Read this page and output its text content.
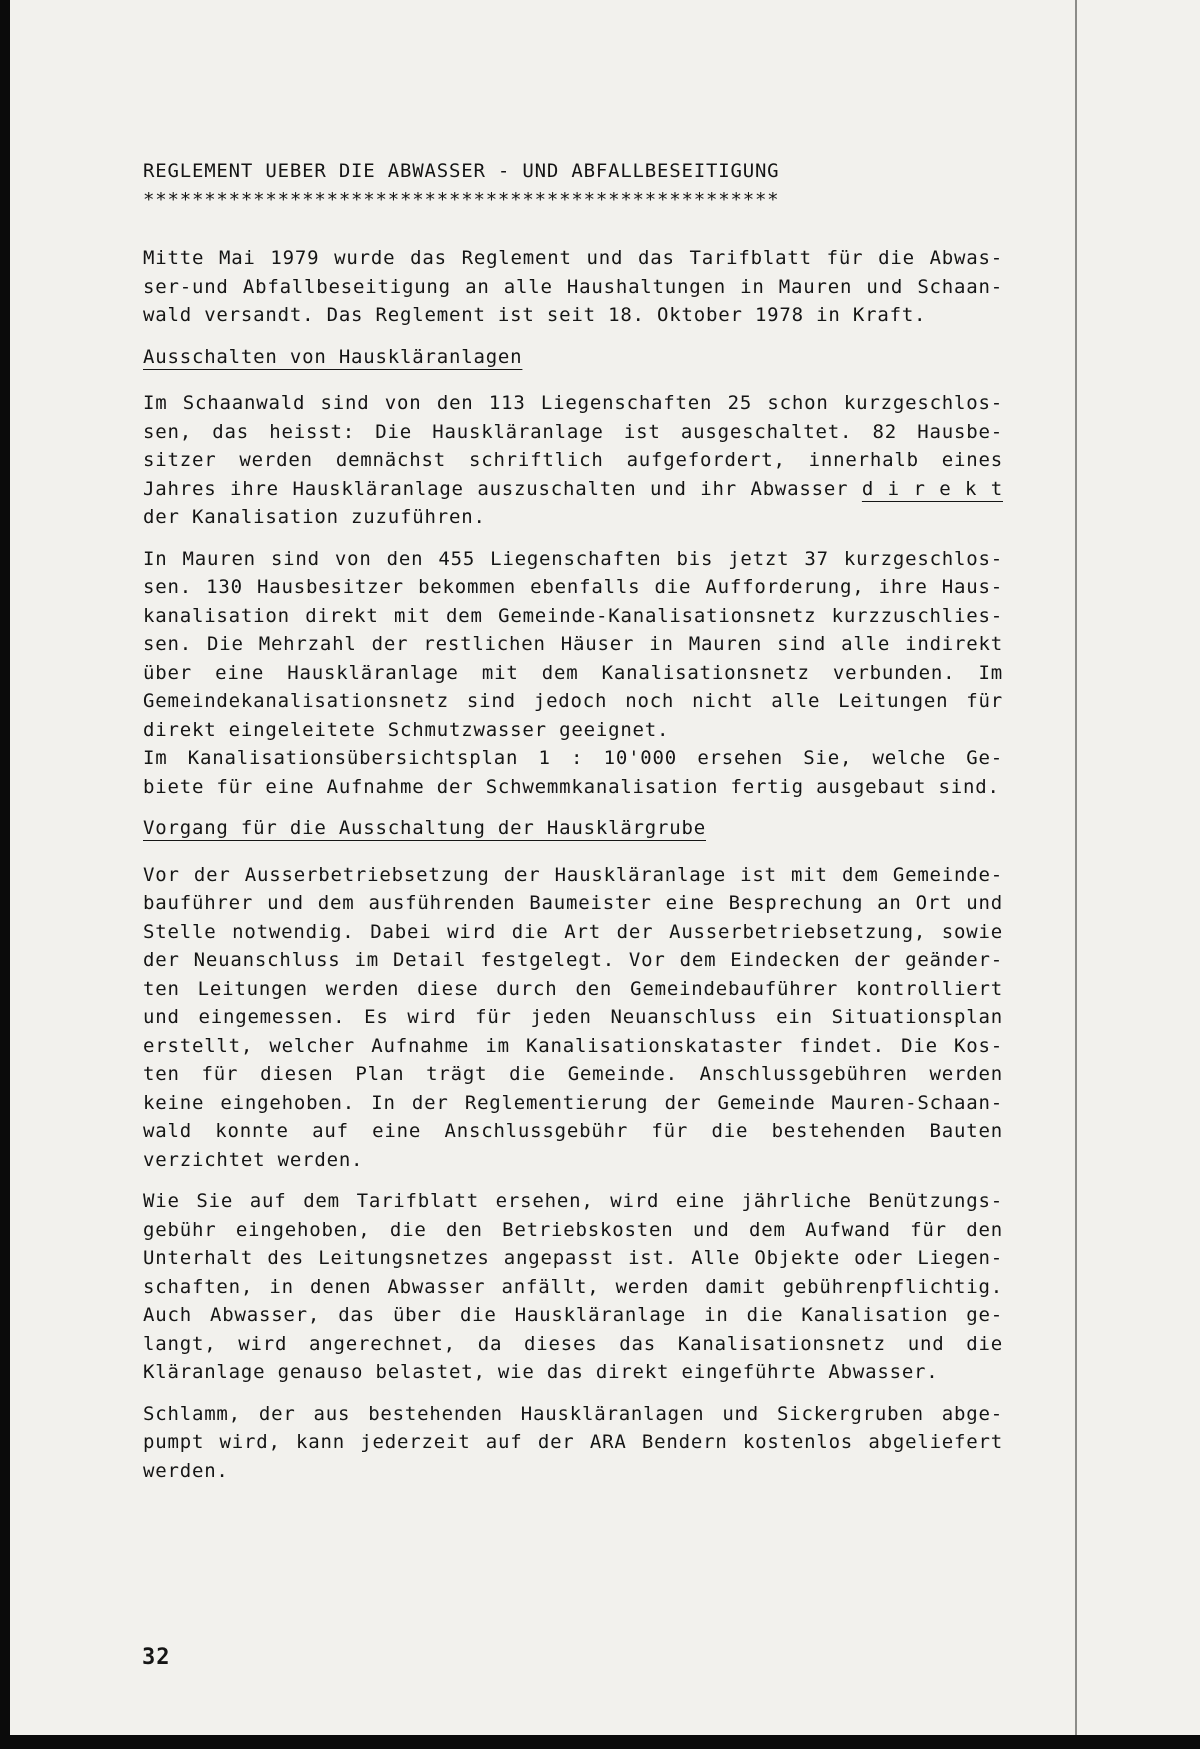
REGLEMENT UEBER DIE ABWASSER - UND ABFALLBESEITIGUNG
****************************************************
Mitte Mai 1979 wurde das Reglement und das Tarifblatt für die Abwas-
ser-und Abfallbeseitigung an alle Haushaltungen in Mauren und Schaan-
wald versandt. Das Reglement ist seit 18. Oktober 1978 in Kraft.
Ausschalten von Hauskläranlagen
Im Schaanwald sind von den 113 Liegenschaften 25 schon kurzgeschlos-
sen, das heisst: Die Hauskläranlage ist ausgeschaltet. 82 Hausbe-
sitzer werden demnächst schriftlich aufgefordert, innerhalb eines
Jahres ihre Hauskläranlage auszuschalten und ihr Abwasser d i r e k t
der Kanalisation zuzuführen.
In Mauren sind von den 455 Liegenschaften bis jetzt 37 kurzgeschlos-
sen. 130 Hausbesitzer bekommen ebenfalls die Aufforderung, ihre Haus-
kanalisation direkt mit dem Gemeinde-Kanalisationsnetz kurzzuschlies-
sen. Die Mehrzahl der restlichen Häuser in Mauren sind alle indirekt
über eine Hauskläranlage mit dem Kanalisationsnetz verbunden. Im
Gemeindekanalisationsnetz sind jedoch noch nicht alle Leitungen für
direkt eingeleitete Schmutzwasser geeignet.
Im Kanalisationsübersichtsplan 1 : 10'000 ersehen Sie, welche Ge-
biete für eine Aufnahme der Schwemmkanalisation fertig ausgebaut sind.
Vorgang für die Ausschaltung der Hausklärgrube
Vor der Ausserbetriebsetzung der Hauskläranlage ist mit dem Gemeinde-
bauführer und dem ausführenden Baumeister eine Besprechung an Ort und
Stelle notwendig. Dabei wird die Art der Ausserbetriebsetzung, sowie
der Neuanschluss im Detail festgelegt. Vor dem Eindecken der geänder-
ten Leitungen werden diese durch den Gemeindebauführer kontrolliert
und eingemessen. Es wird für jeden Neuanschluss ein Situationsplan
erstellt, welcher Aufnahme im Kanalisationskataster findet. Die Kos-
ten für diesen Plan trägt die Gemeinde. Anschlussgebühren werden
keine eingehoben. In der Reglementierung der Gemeinde Mauren-Schaan-
wald konnte auf eine Anschlussgebühr für die bestehenden Bauten
verzichtet werden.
Wie Sie auf dem Tarifblatt ersehen, wird eine jährliche Benützungs-
gebühr eingehoben, die den Betriebskosten und dem Aufwand für den
Unterhalt des Leitungsnetzes angepasst ist. Alle Objekte oder Liegen-
schaften, in denen Abwasser anfällt, werden damit gebührenpflichtig.
Auch Abwasser, das über die Hauskläranlage in die Kanalisation ge-
langt, wird angerechnet, da dieses das Kanalisationsnetz und die
Kläranlage genauso belastet, wie das direkt eingeführte Abwasser.
Schlamm, der aus bestehenden Hauskläranlagen und Sickergruben abge-
pumpt wird, kann jederzeit auf der ARA Bendern kostenlos abgeliefert
werden.
32
